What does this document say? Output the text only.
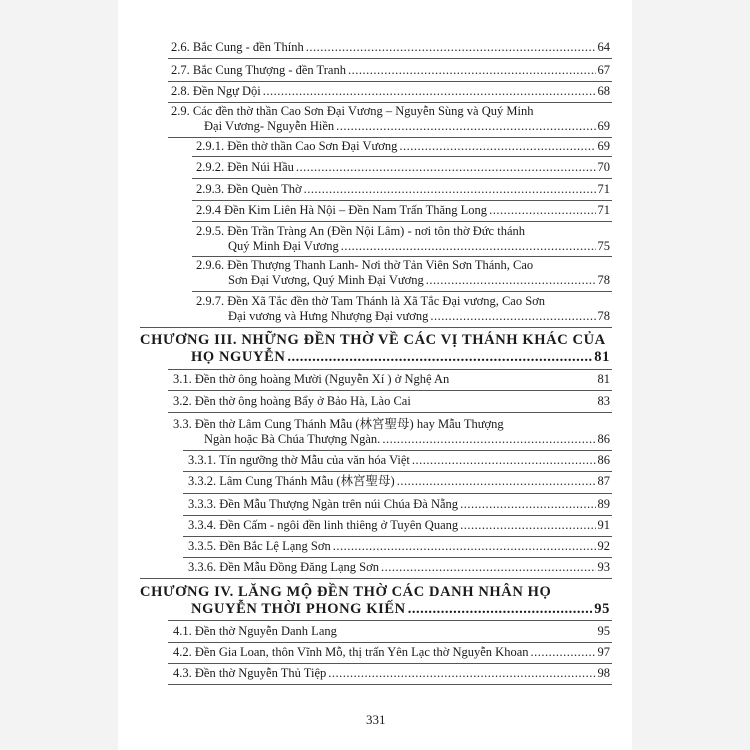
2.6. Bắc Cung - đền Thính .....	64
2.7. Bắc Cung Thượng - đền Tranh .....	67
2.8. Đền Ngự Dội .....	68
2.9. Các đền thờ thần Cao Sơn Đại Vương – Nguyễn Sùng và Quý Minh
Đại Vương- Nguyễn Hiền .....	69
2.9.1. Đền thờ thần Cao Sơn Đại Vương .....	69
2.9.2. Đền Núi Hầu .....	70
2.9.3. Đền Quèn Thờ .....	71
2.9.4 Đền Kim Liên Hà Nội – Đền Nam Trấn Thăng Long .....	71
2.9.5. Đền Trần Tràng An (Đền Nội Lâm) - nơi tôn thờ Đức thánh
Quý Minh Đại Vương .....	75
2.9.6. Đền Thượng Thanh Lanh- Nơi thờ Tản Viên Sơn Thánh, Cao
Sơn Đại Vương, Quý Minh Đại Vương .....	78
2.9.7. Đền Xã Tắc đền thờ Tam Thánh là Xã Tắc Đại vương, Cao Sơn
Đại vương và Hưng Nhượng Đại vương .....	78
CHƯƠNG III. NHỮNG ĐỀN THỜ VỀ CÁC VỊ THÁNH KHÁC CỦA
HỌ NGUYỄN .....	81
3.1. Đền thờ ông hoàng Mười (Nguyễn Xí ) ở Nghệ An	81
3.2. Đền thờ ông hoàng Bẩy ở Bảo Hà, Lào Cai	83
3.3. Đền thờ Lâm Cung Thánh Mẫu (林宮聖母) hay Mẫu Thượng
Ngàn hoặc Bà Chúa Thượng Ngàn. .....	86
3.3.1. Tín ngưỡng thờ Mẫu của văn hóa Việt .....	86
3.3.2. Lâm Cung Thánh Mẫu (林宮聖母) .....	87
3.3.3. Đền Mẫu Thượng Ngàn trên núi Chúa Đà Nẵng .....	89
3.3.4. Đền Cấm - ngôi đền linh thiêng ở Tuyên Quang .....	91
3.3.5. Đền Bắc Lệ Lạng Sơn .....	92
3.3.6. Đền Mẫu Đồng Đăng Lạng Sơn .....	93
CHƯƠNG IV. LĂNG MỘ ĐỀN THỜ CÁC DANH NHÂN HỌ
NGUYỄN THỜI PHONG KIẾN .....	95
4.1. Đền thờ Nguyễn Danh Lang	95
4.2. Đền Gia Loan, thôn Vĩnh Mỗ, thị trấn Yên Lạc thờ Nguyễn Khoan .....	97
4.3. Đền thờ Nguyễn Thủ Tiệp .....	98
331
